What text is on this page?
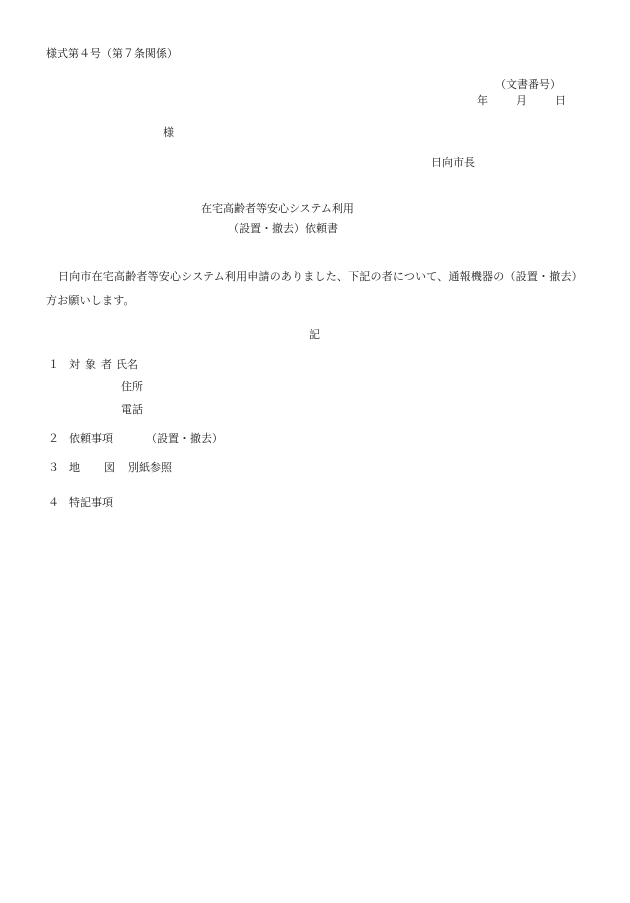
様式第４号（第７条関係）
（文書番号）
年	月	日
様
日向市長
在宅高齢者等安心システム利用
（設置・撤去）依頼書
日向市在宅高齢者等安心システム利用申請のありました、下記の者について、通報機器の（設置・撤去）方お願いします。
記
１ 対象者 氏名
住所
電話
２ 依頼事項	（設置・撤去）
３ 地 図 別紙参照
４ 特記事項
